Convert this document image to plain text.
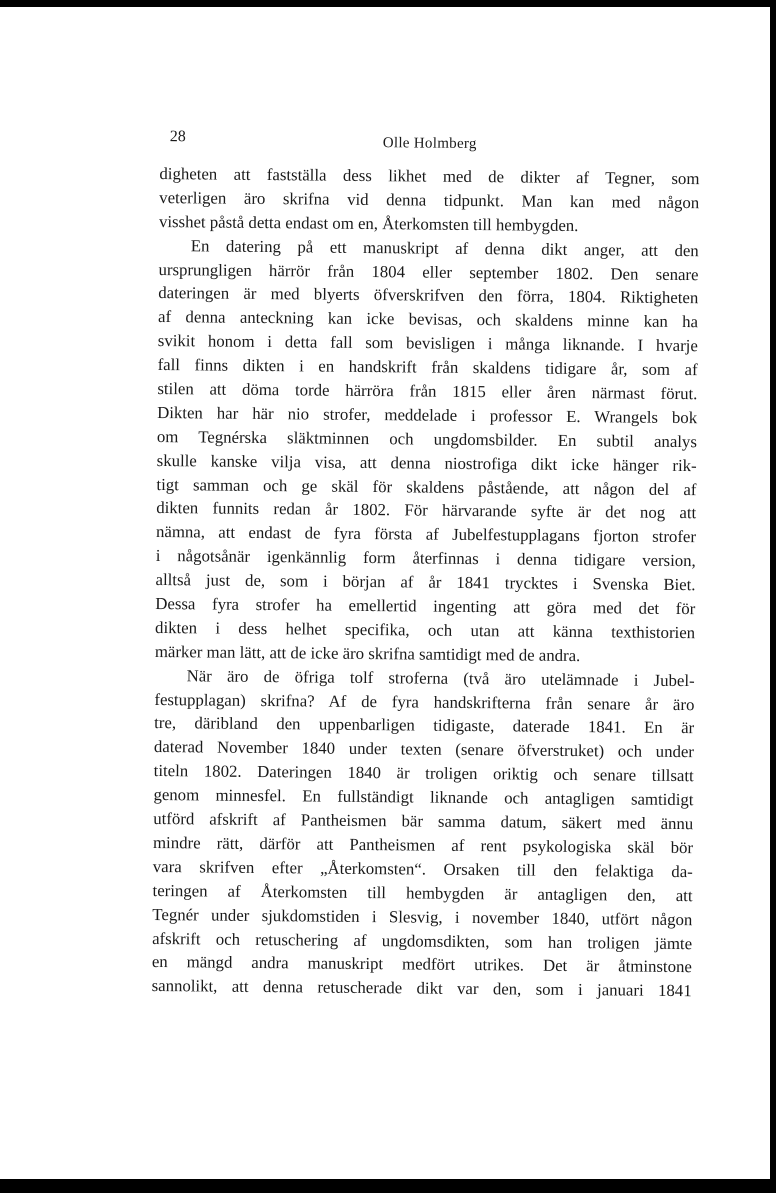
28	Olle Holmberg
digheten att fastställa dess likhet med de dikter af Tegner, som
veterligen äro skrifna vid denna tidpunkt. Man kan med någon
visshet påstå detta endast om en, Återkomsten till hembygden.
En datering på ett manuskript af denna dikt anger, att den
ursprungligen härrör från 1804 eller september 1802. Den senare
dateringen är med blyerts öfverskrifven den förra, 1804. Riktigheten
af denna anteckning kan icke bevisas, och skaldens minne kan ha
svikit honom i detta fall som bevisligen i många liknande. I hvarje
fall finns dikten i en handskrift från skaldens tidigare år, som af
stilen att döma torde härröra från 1815 eller åren närmast förut.
Dikten har här nio strofer, meddelade i professor E. Wrangels bok
om Tegnérska släktminnen och ungdomsbilder. En subtil analys
skulle kanske vilja visa, att denna niostrofiga dikt icke hänger rik-
tigt samman och ge skäl för skaldens påstående, att någon del af
dikten funnits redan år 1802. För härvarande syfte är det nog att
nämna, att endast de fyra första af Jubelfestupplagans fjorton strofer
i någotsånär igenkännlig form återfinnas i denna tidigare version,
alltså just de, som i början af år 1841 trycktes i Svenska Biet.
Dessa fyra strofer ha emellertid ingenting att göra med det för
dikten i dess helhet specifika, och utan att känna texthistorien
märker man lätt, att de icke äro skrifna samtidigt med de andra.
När äro de öfriga tolf stroferna (två äro utelämnade i Jubel-
festupplagan) skrifna? Af de fyra handskrifterna från senare år äro
tre, däribland den uppenbarligen tidigaste, daterade 1841. En är
daterad November 1840 under texten (senare öfverstruket) och under
titeln 1802. Dateringen 1840 är troligen oriktig och senare tillsatt
genom minnesfel. En fullständigt liknande och antagligen samtidigt
utförd afskrift af Pantheismen bär samma datum, säkert med ännu
mindre rätt, därför att Pantheismen af rent psykologiska skäl bör
vara skrifven efter „Återkomsten“. Orsaken till den felaktiga da-
teringen af Återkomsten till hembygden är antagligen den, att
Tegnér under sjukdomstiden i Slesvig, i november 1840, utfört någon
afskrift och retuschering af ungdomsdikten, som han troligen jämte
en mängd andra manuskript medfört utrikes. Det är åtminstone
sannolikt, att denna retuscherade dikt var den, som i januari 1841
